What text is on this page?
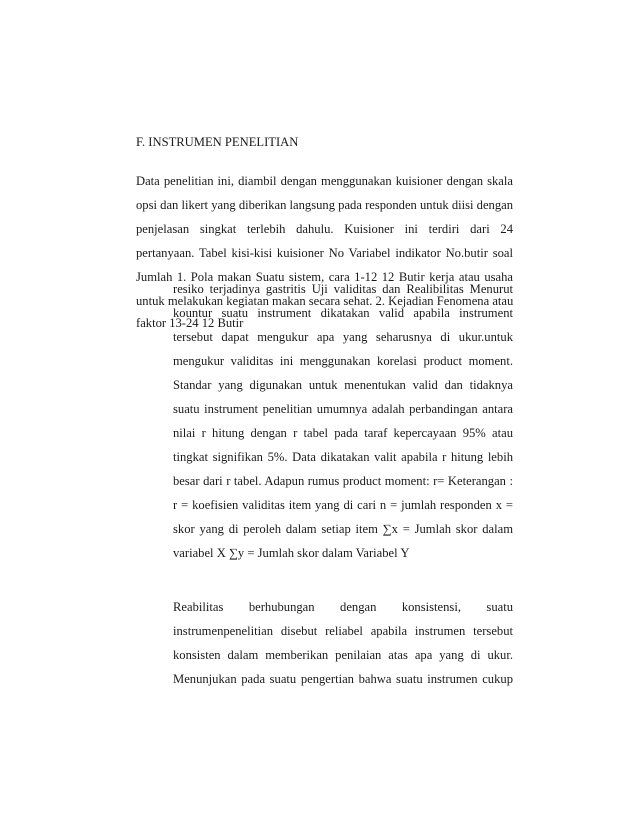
F. INSTRUMEN PENELITIAN
Data penelitian ini, diambil dengan menggunakan kuisioner dengan skala
opsi dan likert yang diberikan langsung pada responden untuk diisi dengan
penjelasan singkat terlebih dahulu. Kuisioner ini terdiri dari 24
pertanyaan. Tabel kisi-kisi kuisioner No Variabel indikator No.butir soal
Jumlah 1. Pola makan Suatu sistem, cara 1-12 12 Butir kerja atau usaha
untuk melakukan kegiatan makan secara sehat. 2. Kejadian Fenomena atau
faktor 13-24 12 Butir
resiko terjadinya gastritis Uji validitas dan Realibilitas Menurut
kountur suatu instrument dikatakan valid apabila instrument
tersebut dapat mengukur apa yang seharusnya di ukur.untuk
mengukur validitas ini menggunakan korelasi product moment.
Standar yang digunakan untuk menentukan valid dan tidaknya
suatu instrument penelitian umumnya adalah perbandingan antara
nilai r hitung dengan r tabel pada taraf kepercayaan 95% atau
tingkat signifikan 5%. Data dikatakan valit apabila r hitung lebih
besar dari r tabel. Adapun rumus product moment: r= Keterangan :
r = koefisien validitas item yang di cari n = jumlah responden x =
skor yang di peroleh dalam setiap item ∑x = Jumlah skor dalam
variabel X ∑y = Jumlah skor dalam Variabel Y
Reabilitas berhubungan dengan konsistensi, suatu
instrumenpenelitian disebut reliabel apabila instrumen tersebut
konsisten dalam memberikan penilaian atas apa yang di ukur.
Menunjukan pada suatu pengertian bahwa suatu instrumen cukup
